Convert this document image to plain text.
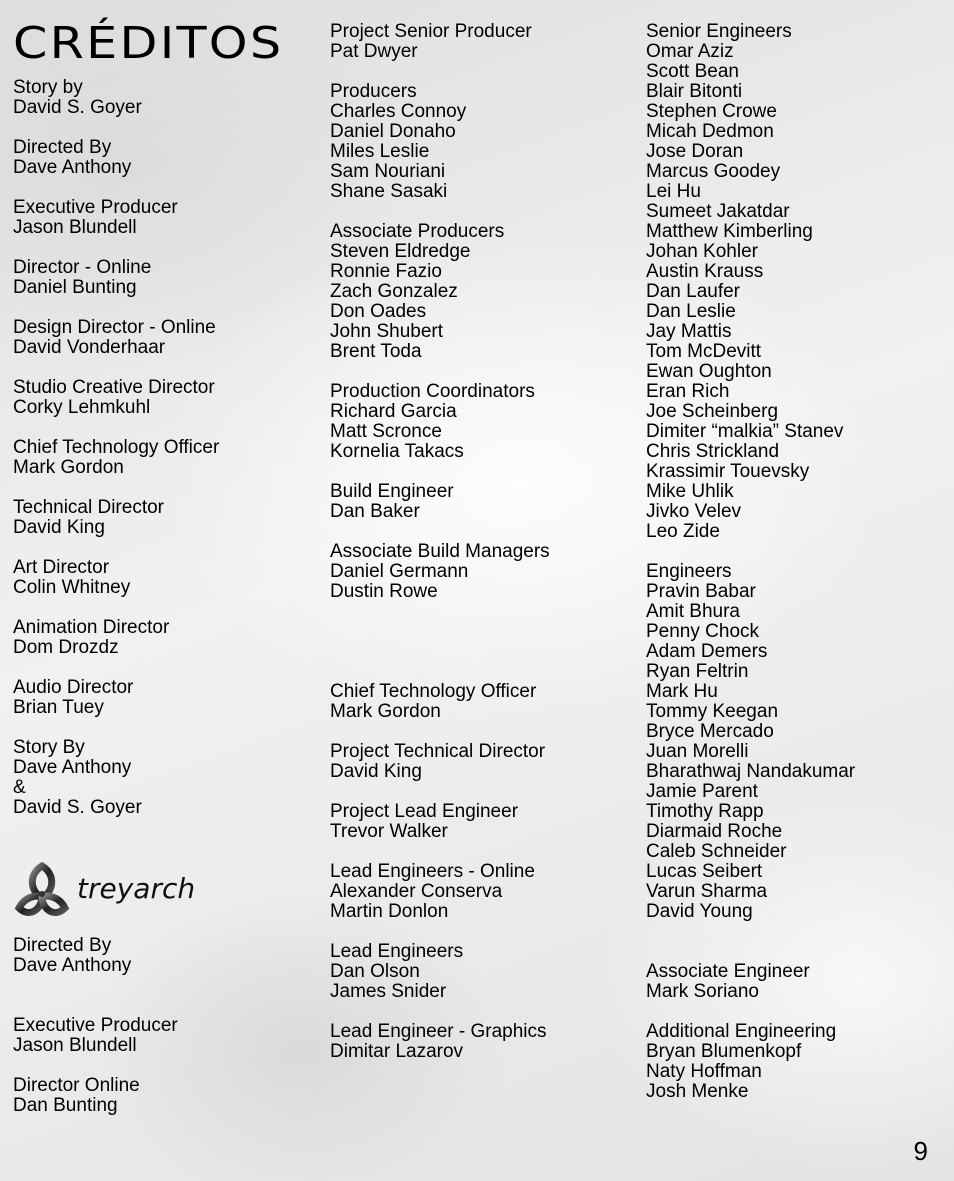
CRÉDITOS
Story by
David S. Goyer
Directed By
Dave Anthony
Executive Producer
Jason Blundell
Director - Online
Daniel Bunting
Design Director - Online
David Vonderhaar
Studio Creative Director
Corky Lehmkuhl
Chief Technology Officer
Mark Gordon
Technical Director
David King
Art Director
Colin Whitney
Animation Director
Dom Drozdz
Audio Director
Brian Tuey
Story By
Dave Anthony
&
David S. Goyer
treyarch
Directed By
Dave Anthony
Executive Producer
Jason Blundell
Director Online
Dan Bunting
Project Senior Producer
Pat Dwyer
Producers
Charles Connoy
Daniel Donaho
Miles Leslie
Sam Nouriani
Shane Sasaki
Associate Producers
Steven Eldredge
Ronnie Fazio
Zach Gonzalez
Don Oades
John Shubert
Brent Toda
Production Coordinators
Richard Garcia
Matt Scronce
Kornelia Takacs
Build Engineer
Dan Baker
Associate Build Managers
Daniel Germann
Dustin Rowe
Chief Technology Officer
Mark Gordon
Project Technical Director
David King
Project Lead Engineer
Trevor Walker
Lead Engineers - Online
Alexander Conserva
Martin Donlon
Lead Engineers
Dan Olson
James Snider
Lead Engineer - Graphics
Dimitar Lazarov
Senior Engineers
Omar Aziz
Scott Bean
Blair Bitonti
Stephen Crowe
Micah Dedmon
Jose Doran
Marcus Goodey
Lei Hu
Sumeet Jakatdar
Matthew Kimberling
Johan Kohler
Austin Krauss
Dan Laufer
Dan Leslie
Jay Mattis
Tom McDevitt
Ewan Oughton
Eran Rich
Joe Scheinberg
Dimiter “malkia” Stanev
Chris Strickland
Krassimir Touevsky
Mike Uhlik
Jivko Velev
Leo Zide
Engineers
Pravin Babar
Amit Bhura
Penny Chock
Adam Demers
Ryan Feltrin
Mark Hu
Tommy Keegan
Bryce Mercado
Juan Morelli
Bharathwaj Nandakumar
Jamie Parent
Timothy Rapp
Diarmaid Roche
Caleb Schneider
Lucas Seibert
Varun Sharma
David Young
Associate Engineer
Mark Soriano
Additional Engineering
Bryan Blumenkopf
Naty Hoffman
Josh Menke
9
